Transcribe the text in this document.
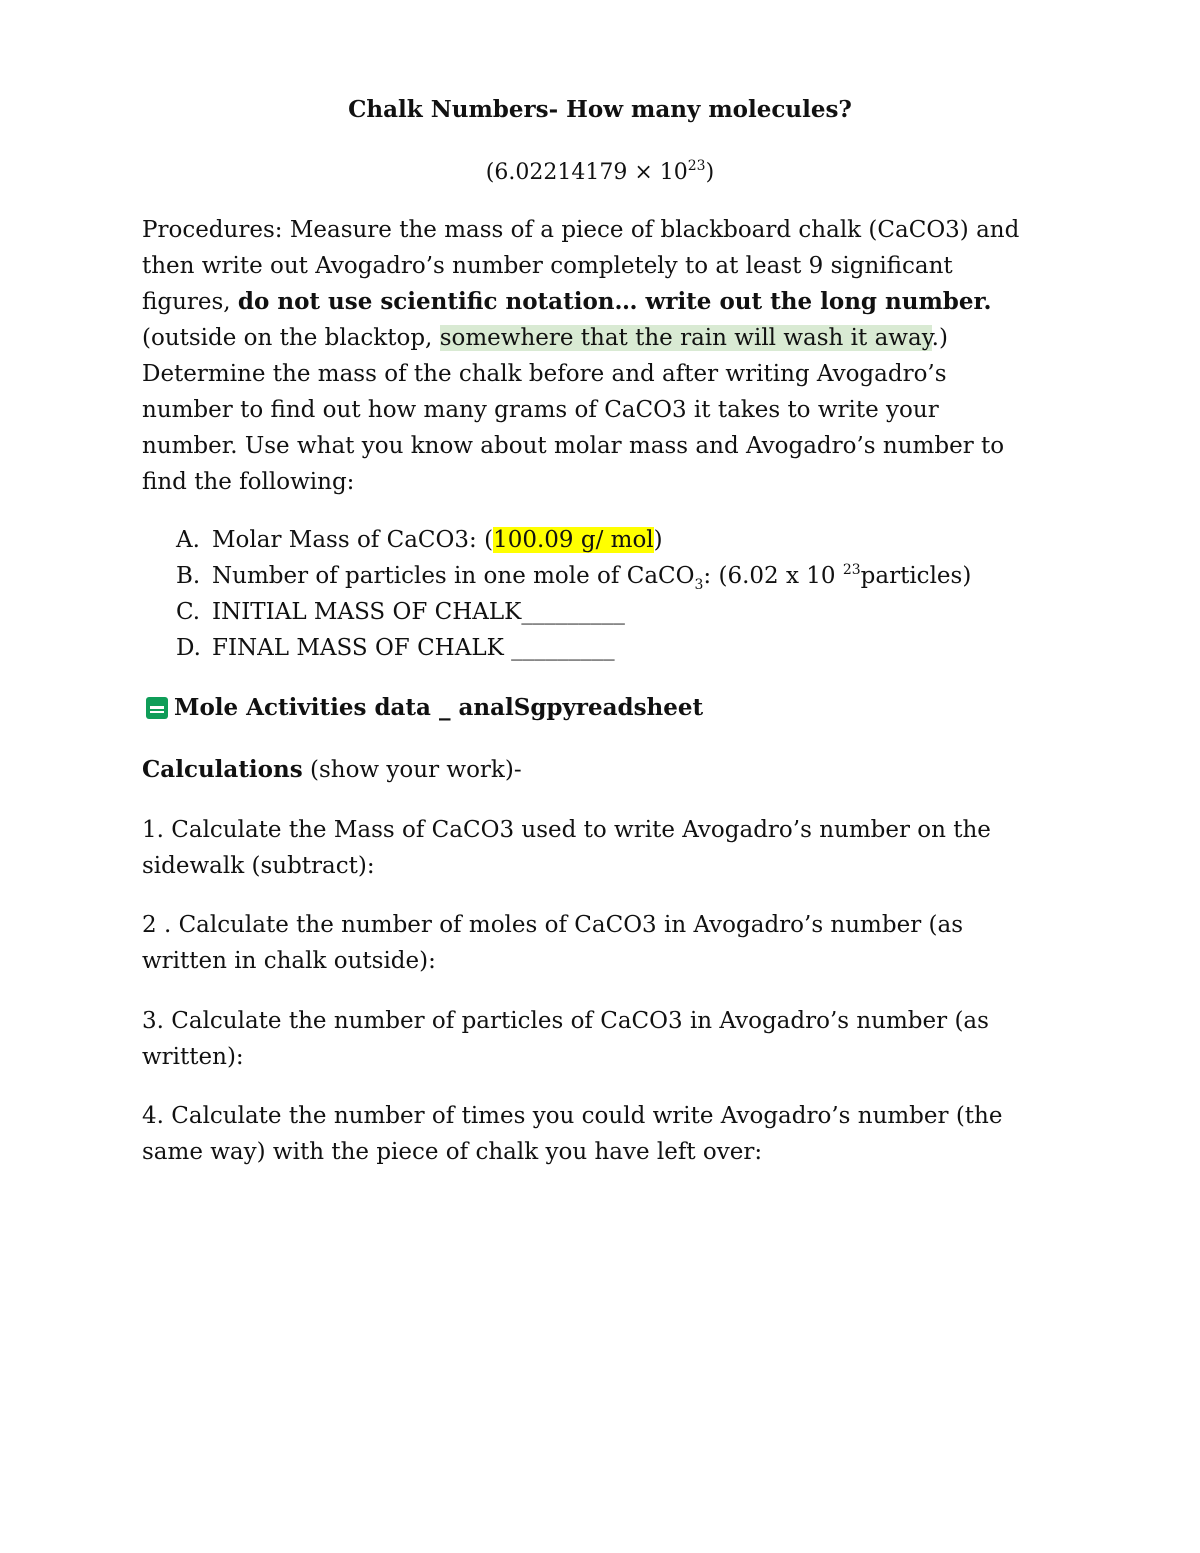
Chalk Numbers- How many molecules?
$(6.02214179 \times 10^{23})$
Procedures: Measure the mass of a piece of blackboard chalk (CaCO3) and
then write out Avogadro’s number completely to at least 9 significant
figures, do not use scientific notation… write out the long number.
(outside on the blacktop, somewhere that the rain will wash it away.)
Determine the mass of the chalk before and after writing Avogadro’s
number to find out how many grams of CaCO3 it takes to write your
number. Use what you know about molar mass and Avogadro’s number to
find the following:
A. Molar Mass of CaCO3: (100.09 g/ mol)
B. Number of particles in one mole of CaCO$_3$: (6.02 x 10 $^{23}$particles)
C. INITIAL MASS OF CHALK_________
D. FINAL MASS OF CHALK _________
Mole Activities data _ analSgpyreadsheet
Calculations (show your work)-
1. Calculate the Mass of CaCO3 used to write Avogadro’s number on the
sidewalk (subtract):
2 . Calculate the number of moles of CaCO3 in Avogadro’s number (as
written in chalk outside):
3. Calculate the number of particles of CaCO3 in Avogadro’s number (as
written):
4. Calculate the number of times you could write Avogadro’s number (the
same way) with the piece of chalk you have left over:
